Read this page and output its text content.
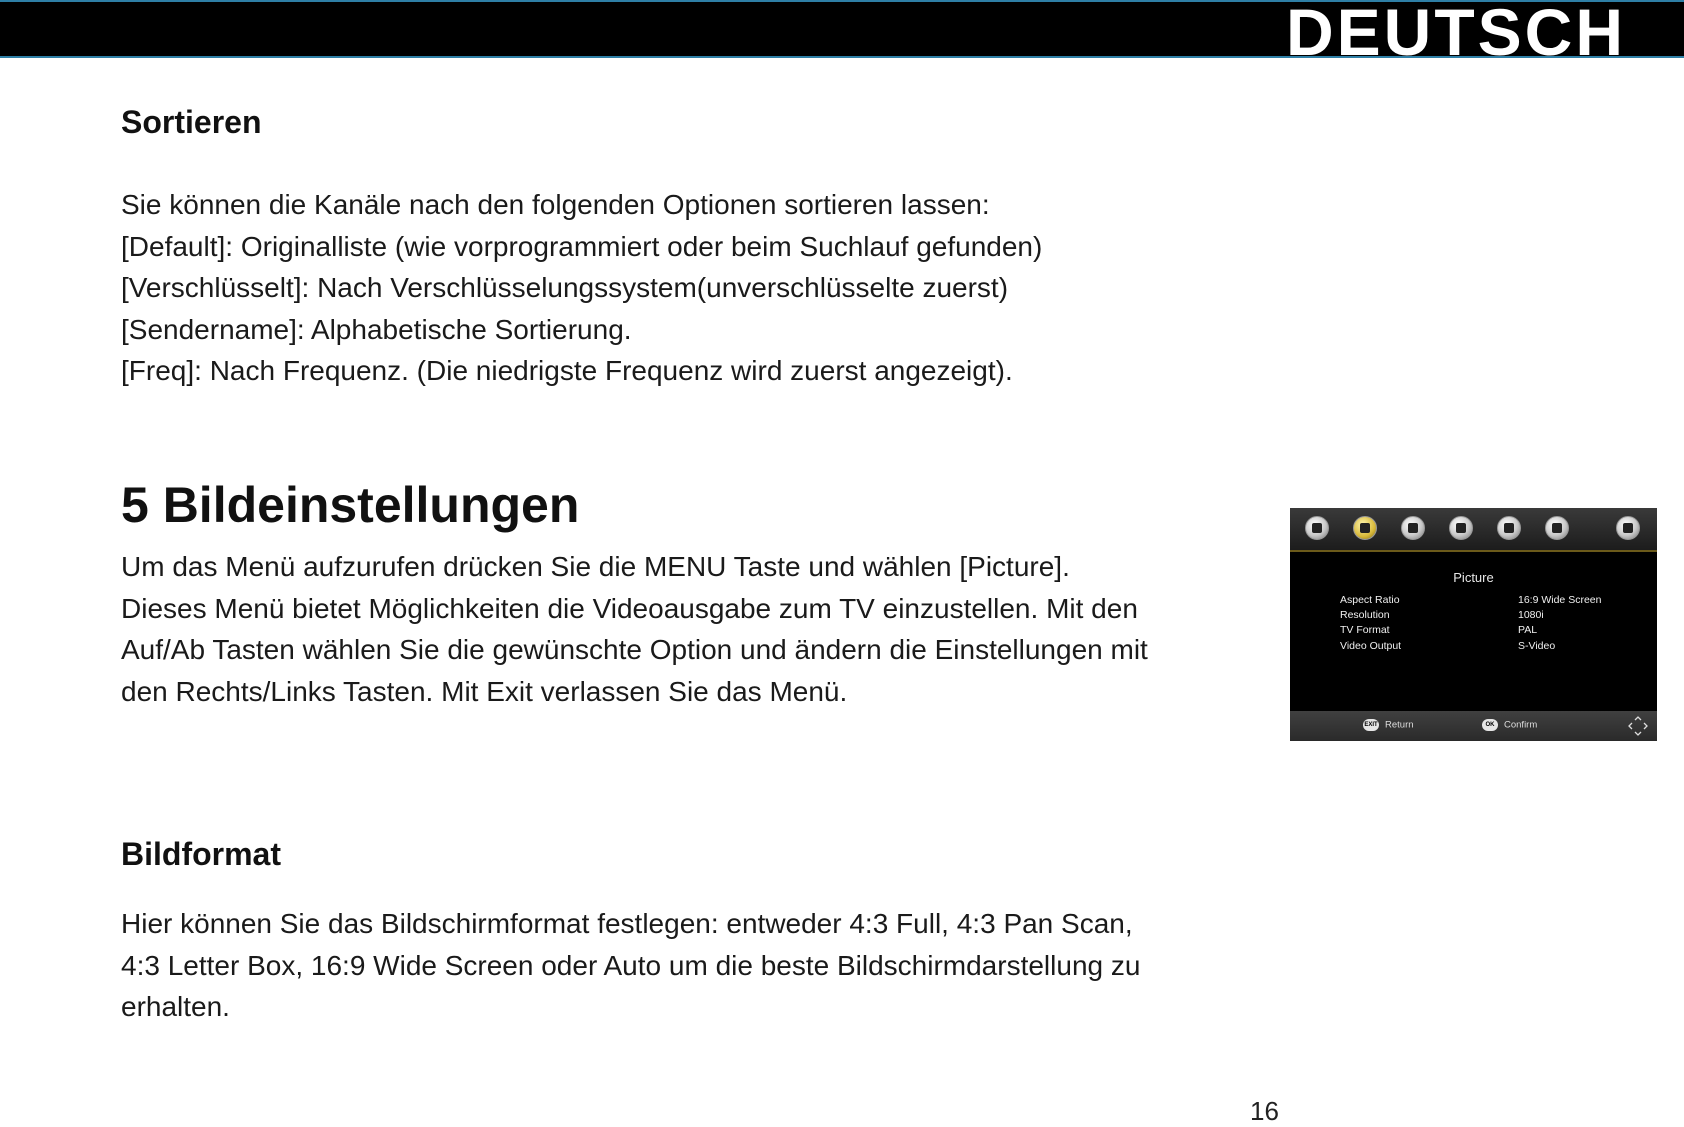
DEUTSCH
Sortieren
Sie können die Kanäle nach den folgenden Optionen sortieren lassen:
[Default]: Originalliste (wie vorprogrammiert oder beim Suchlauf gefunden)
[Verschlüsselt]: Nach Verschlüsselungssystem(unverschlüsselte zuerst)
[Sendername]: Alphabetische Sortierung.
[Freq]: Nach Frequenz. (Die niedrigste Frequenz wird zuerst angezeigt).
5 Bildeinstellungen
Um das Menü aufzurufen drücken Sie die MENU Taste und wählen [Picture].
Dieses Menü bietet Möglichkeiten die Videoausgabe zum TV einzustellen. Mit den
Auf/Ab Tasten wählen Sie die gewünschte Option und ändern die Einstellungen mit
den Rechts/Links Tasten. Mit Exit verlassen Sie das Menü.
Bildformat
Hier können Sie das Bildschirmformat festlegen: entweder 4:3 Full, 4:3 Pan Scan,
4:3 Letter Box, 16:9 Wide Screen oder Auto um die beste Bildschirmdarstellung zu
erhalten.
Picture
Aspect Ratio	16:9 Wide Screen
Resolution	1080i
TV Format	PAL
Video Output	S-Video
EXIT Return	OK Confirm
16
